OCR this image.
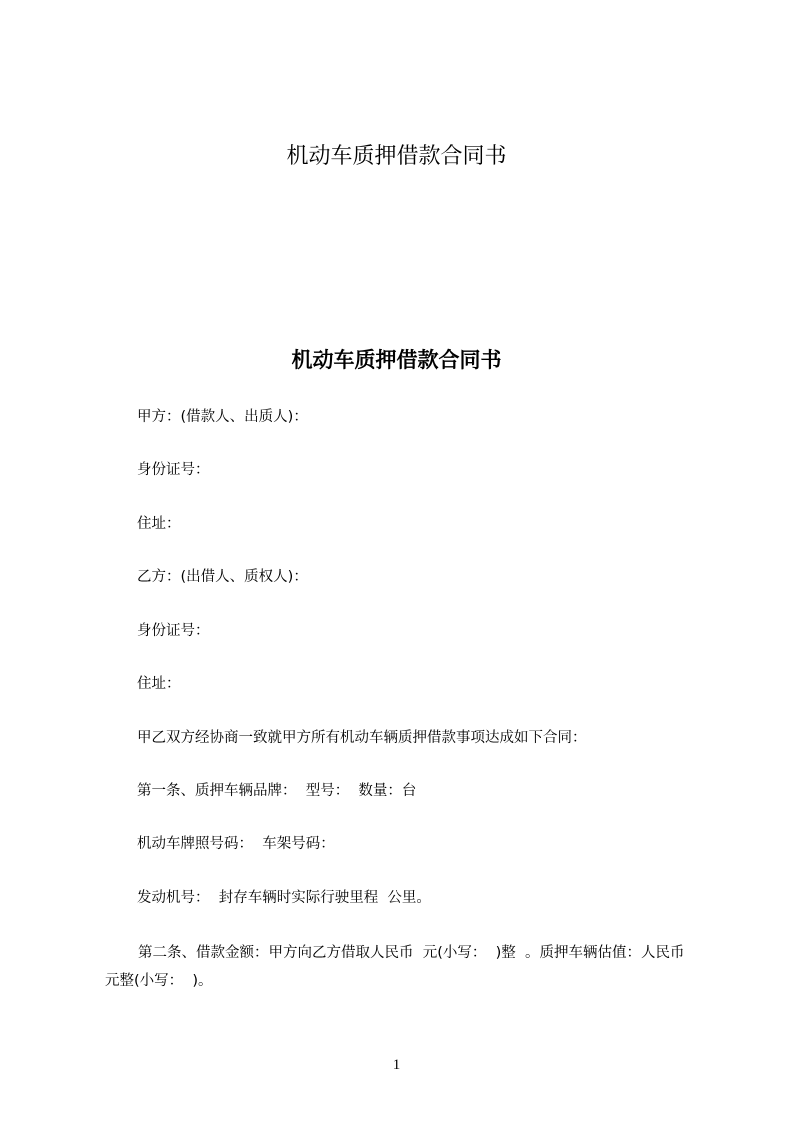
机动车质押借款合同书
机动车质押借款合同书

甲方：(借款人、出质人)：

身份证号：

住址：

乙方：(出借人、质权人)：

身份证号：

住址：

甲乙双方经协商一致就甲方所有机动车辆质押借款事项达成如下合同：

第一条、质押车辆品牌：  型号：  数量：台

机动车牌照号码：  车架号码：

发动机号：  封存车辆时实际行驶里程  公里。

第二条、借款金额：甲方向乙方借取人民币  元(小写：  )整  。质押车辆估值：人民币  元整(小写：  )。

1
